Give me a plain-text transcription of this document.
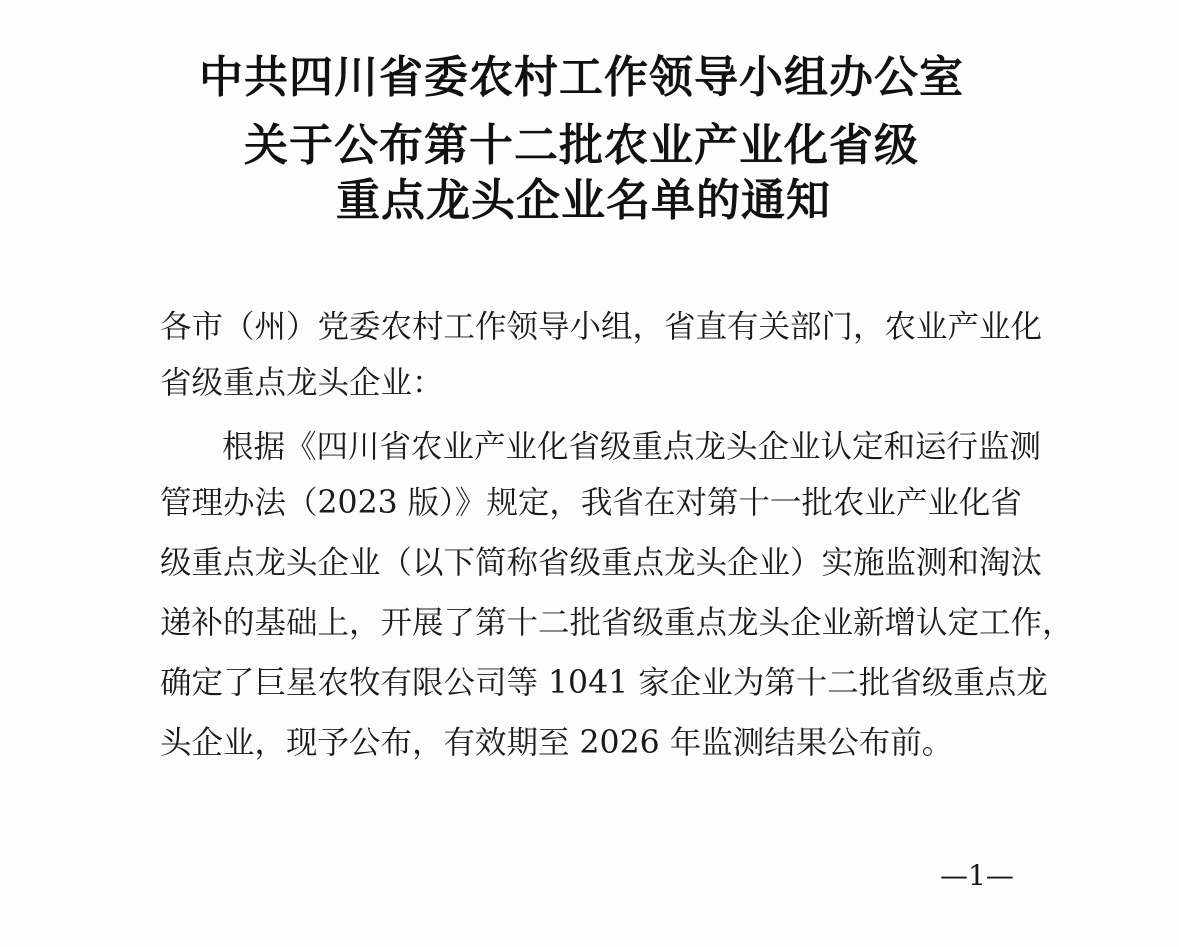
中共四川省委农村工作领导小组办公室
关于公布第十二批农业产业化省级
重点龙头企业名单的通知
各市（州）党委农村工作领导小组，省直有关部门，农业产业化
省级重点龙头企业：
根据《四川省农业产业化省级重点龙头企业认定和运行监测
管理办法（2023 版）》规定，我省在对第十一批农业产业化省
级重点龙头企业（以下简称省级重点龙头企业）实施监测和淘汰
递补的基础上，开展了第十二批省级重点龙头企业新增认定工作，
确定了巨星农牧有限公司等 1041 家企业为第十二批省级重点龙
头企业，现予公布，有效期至 2026 年监测结果公布前。
—1—
